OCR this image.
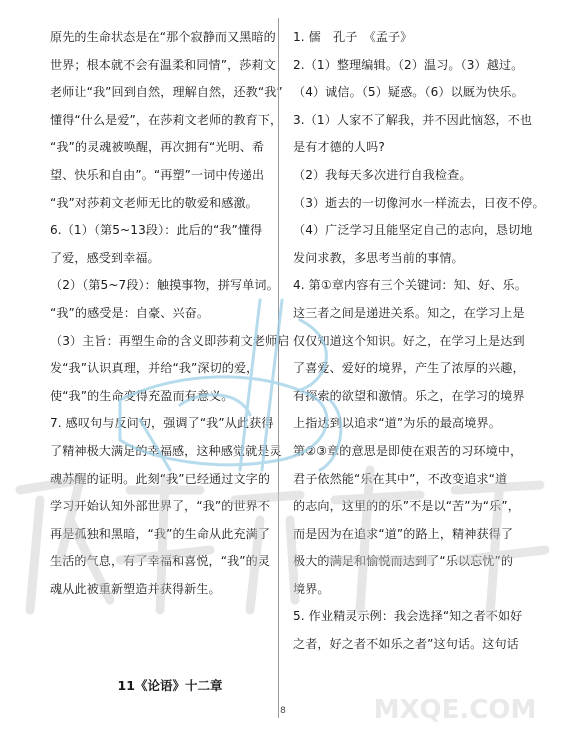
原先的生命状态是在“那个寂静而又黑暗的
世界；根本就不会有温柔和同情”，莎莉文
老师让“我”回到自然，理解自然，还教“我”
懂得“什么是爱”，在莎莉文老师的教育下，
“我”的灵魂被唤醒，再次拥有“光明、希
望、快乐和自由”。“再塑”一词中传递出
“我”对莎莉文老师无比的敬爱和感激。
6.（1）（第5~13段）：此后的“我”懂得
了爱，感受到幸福。
（2）（第5~7段）：触摸事物，拼写单词。
“我”的感受是：自豪、兴奋。
（3）主旨：再塑生命的含义即莎莉文老师启
发“我”认识真理，并给“我”深切的爱，
使“我”的生命变得充盈而有意义。
7. 感叹句与反问句，强调了“我”从此获得
了精神极大满足的幸福感，这种感觉就是灵
魂苏醒的证明。此刻“我”已经通过文字的
学习开始认知外部世界了，“我”的世界不
再是孤独和黑暗，“我”的生命从此充满了
生活的气息，有了幸福和喜悦，“我”的灵
魂从此被重新塑造并获得新生。
1. 儒　孔子　《孟子》
2.（1）整理编辑。（2）温习。（3）越过。
（4）诚信。（5）疑惑。（6）以厩为快乐。
3.（1）人家不了解我，并不因此恼怒，不也
是有才德的人吗?
（2）我每天多次进行自我检查。
（3）逝去的一切像河水一样流去，日夜不停。
（4）广泛学习且能坚定自己的志向，恳切地
发问求教，多思考当前的事情。
4. 第①章内容有三个关键词：知、好、乐。
这三者之间是递进关系。知之，在学习上是
仅仅知道这个知识。好之，在学习上是达到
了喜爱、爱好的境界，产生了浓厚的兴趣，
有探索的欲望和激情。乐之，在学习的境界
上指达到以追求“道”为乐的最高境界。
第②③章的意思是即使在艰苦的习环境中，
君子依然能“乐在其中”，不改变追求“道
的志向，这里的的乐”不是以“苦”为“乐”，
而是因为在追求“道”的路上，精神获得了
极大的满足和愉悦而达到了“乐以忘忧”的
境界。
5. 作业精灵示例：我会选择“知之者不如好
之者，好之者不如乐之者”这句话。这句话
11《论语》十二章
8	MXQE.COM
